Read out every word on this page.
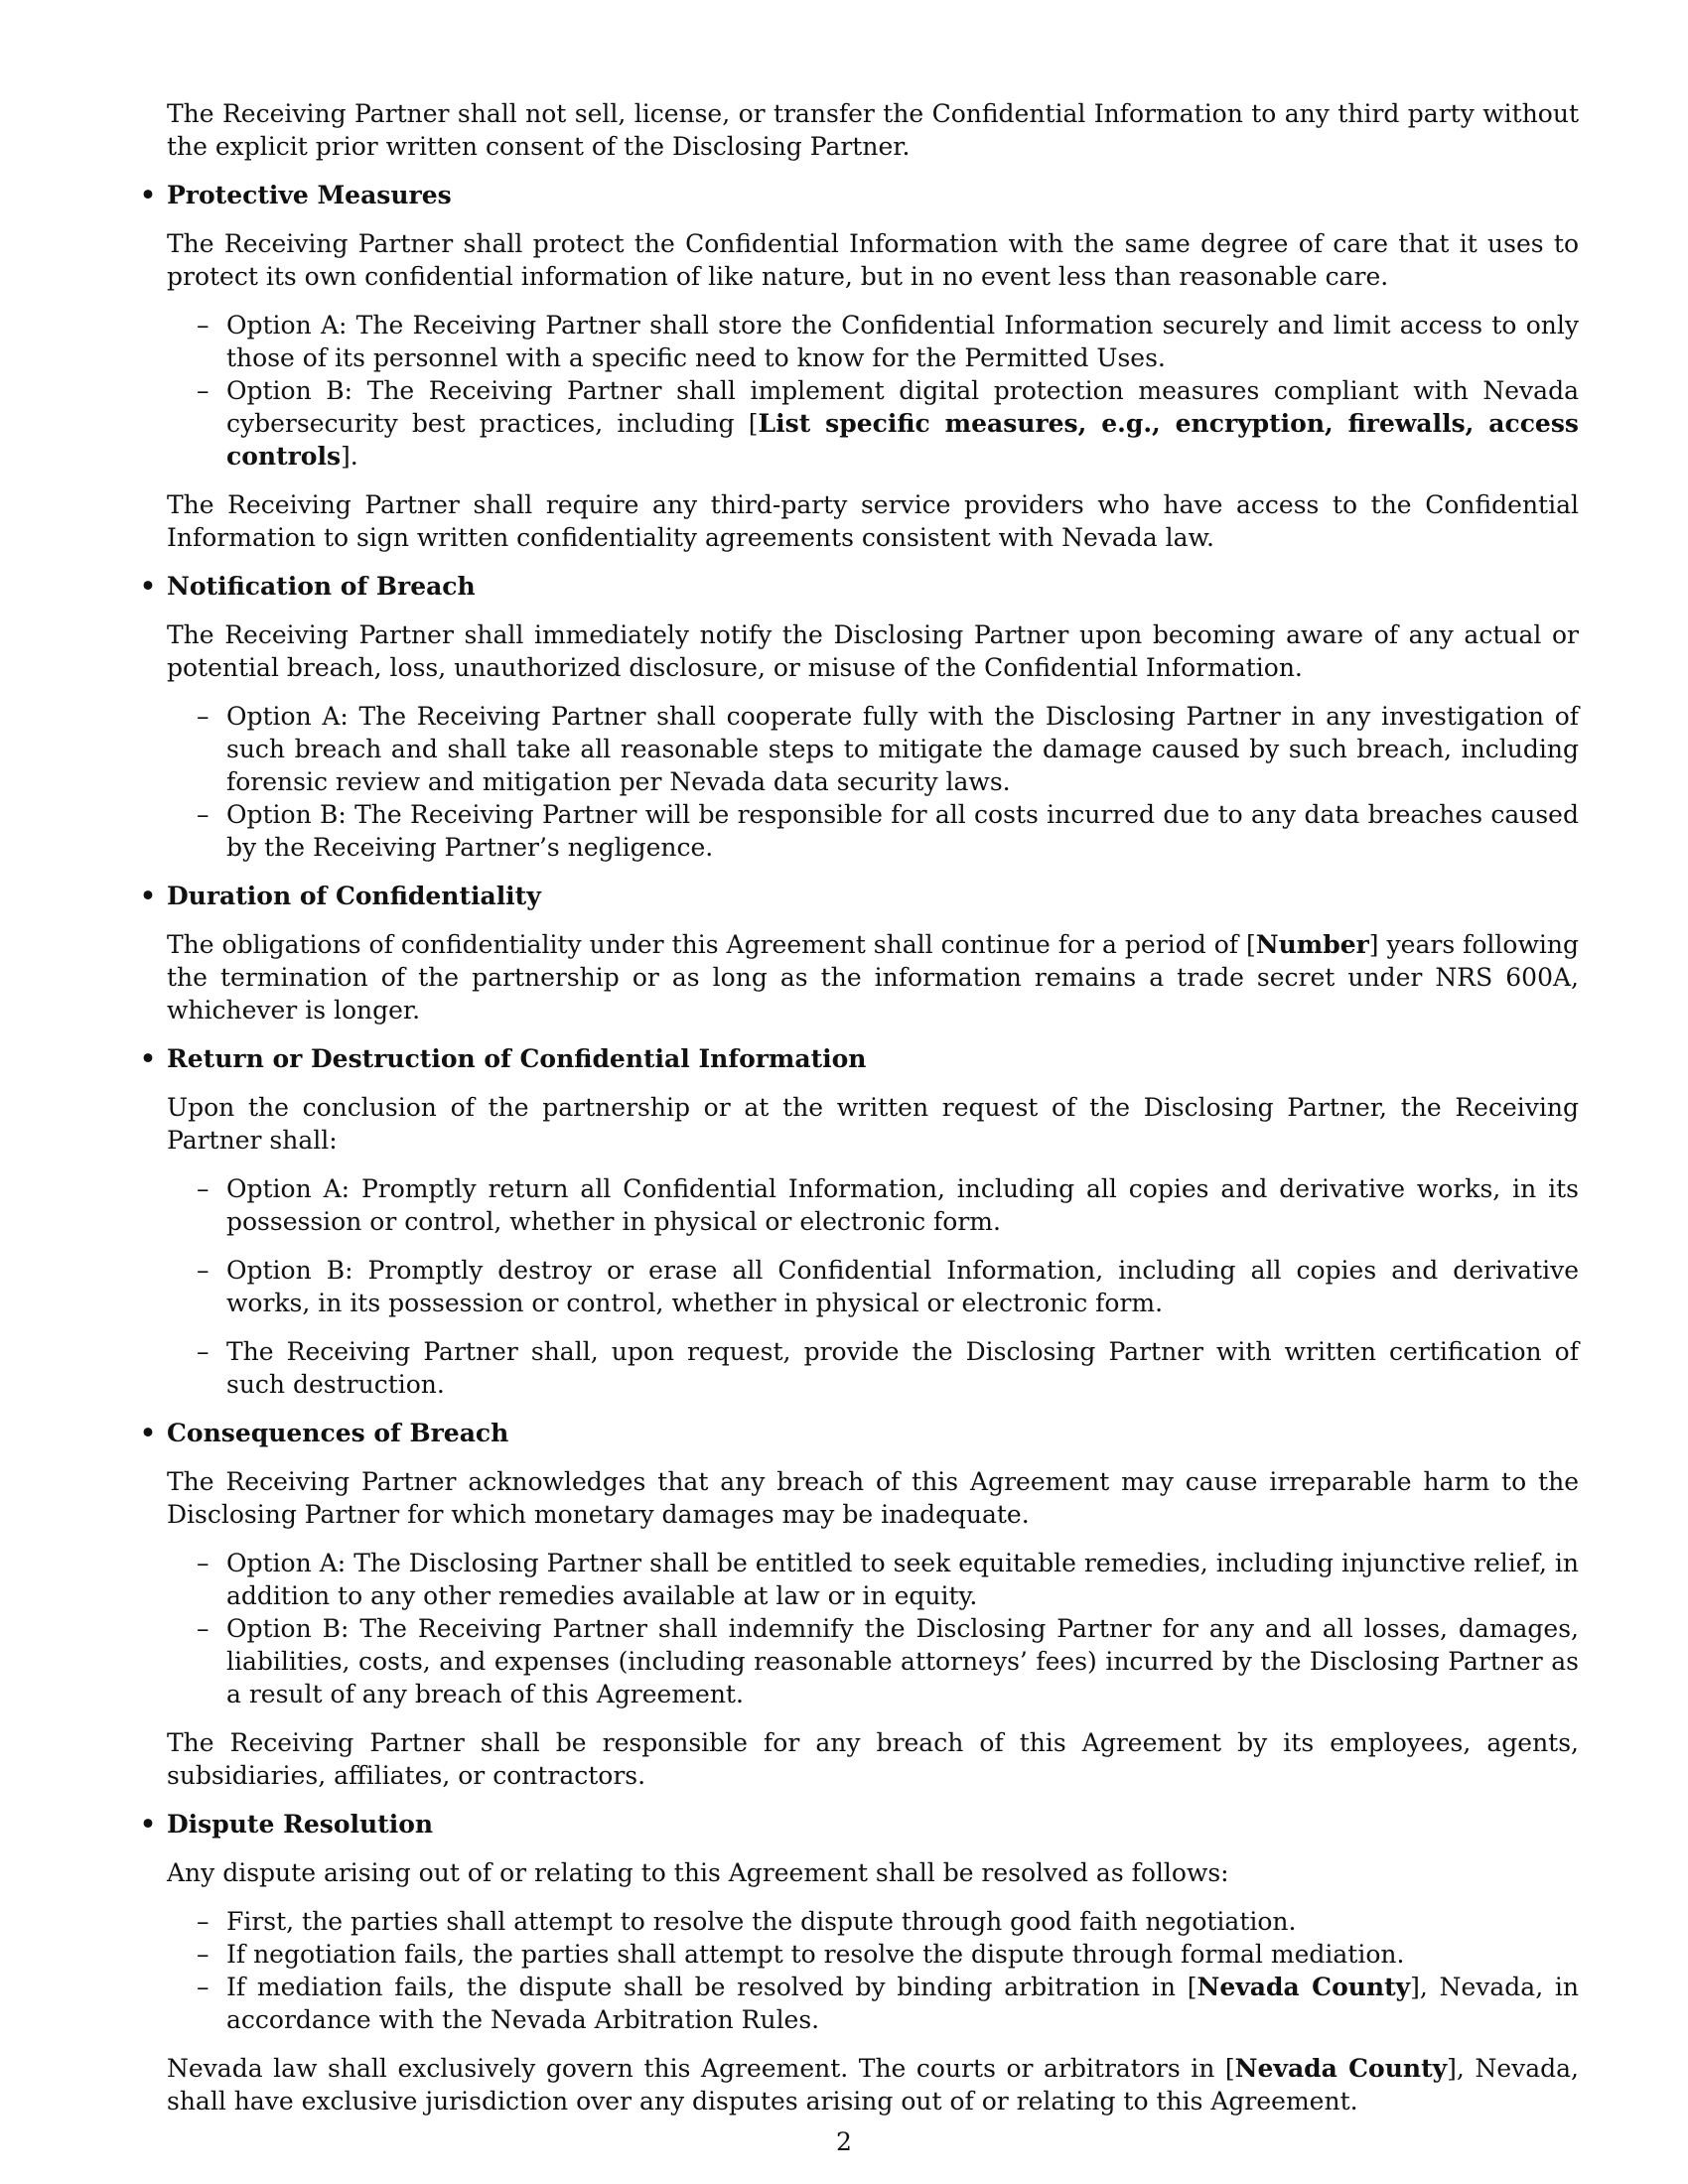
The Receiving Partner shall not sell, license, or transfer the Confidential Information to any third party without the explicit prior written consent of the Disclosing Partner.

• Protective Measures

The Receiving Partner shall protect the Confidential Information with the same degree of care that it uses to protect its own confidential information of like nature, but in no event less than reasonable care.

– Option A: The Receiving Partner shall store the Confidential Information securely and limit access to only those of its personnel with a specific need to know for the Permitted Uses.
– Option B: The Receiving Partner shall implement digital protection measures compliant with Nevada cybersecurity best practices, including [List specific measures, e.g., encryption, firewalls, access controls].

The Receiving Partner shall require any third-party service providers who have access to the Confidential Information to sign written confidentiality agreements consistent with Nevada law.

• Notification of Breach

The Receiving Partner shall immediately notify the Disclosing Partner upon becoming aware of any actual or potential breach, loss, unauthorized disclosure, or misuse of the Confidential Information.

– Option A: The Receiving Partner shall cooperate fully with the Disclosing Partner in any investigation of such breach and shall take all reasonable steps to mitigate the damage caused by such breach, including forensic review and mitigation per Nevada data security laws.
– Option B: The Receiving Partner will be responsible for all costs incurred due to any data breaches caused by the Receiving Partner’s negligence.
• Duration of Confidentiality

The obligations of confidentiality under this Agreement shall continue for a period of [Number] years following the termination of the partnership or as long as the information remains a trade secret under NRS 600A, whichever is longer.

• Return or Destruction of Confidential Information

Upon the conclusion of the partnership or at the written request of the Disclosing Partner, the Receiving Partner shall:

– Option A: Promptly return all Confidential Information, including all copies and derivative works, in its possession or control, whether in physical or electronic form.
– Option B: Promptly destroy or erase all Confidential Information, including all copies and derivative works, in its possession or control, whether in physical or electronic form.
– The Receiving Partner shall, upon request, provide the Disclosing Partner with written certification of such destruction.
• Consequences of Breach

The Receiving Partner acknowledges that any breach of this Agreement may cause irreparable harm to the Disclosing Partner for which monetary damages may be inadequate.

– Option A: The Disclosing Partner shall be entitled to seek equitable remedies, including injunctive relief, in addition to any other remedies available at law or in equity.
– Option B: The Receiving Partner shall indemnify the Disclosing Partner for any and all losses, damages, liabilities, costs, and expenses (including reasonable attorneys’ fees) incurred by the Disclosing Partner as a result of any breach of this Agreement.

The Receiving Partner shall be responsible for any breach of this Agreement by its employees, agents, subsidiaries, affiliates, or contractors.

• Dispute Resolution

Any dispute arising out of or relating to this Agreement shall be resolved as follows:

– First, the parties shall attempt to resolve the dispute through good faith negotiation.
– If negotiation fails, the parties shall attempt to resolve the dispute through formal mediation.
– If mediation fails, the dispute shall be resolved by binding arbitration in [Nevada County], Nevada, in accordance with the Nevada Arbitration Rules.

Nevada law shall exclusively govern this Agreement. The courts or arbitrators in [Nevada County], Nevada, shall have exclusive jurisdiction over any disputes arising out of or relating to this Agreement.

2
